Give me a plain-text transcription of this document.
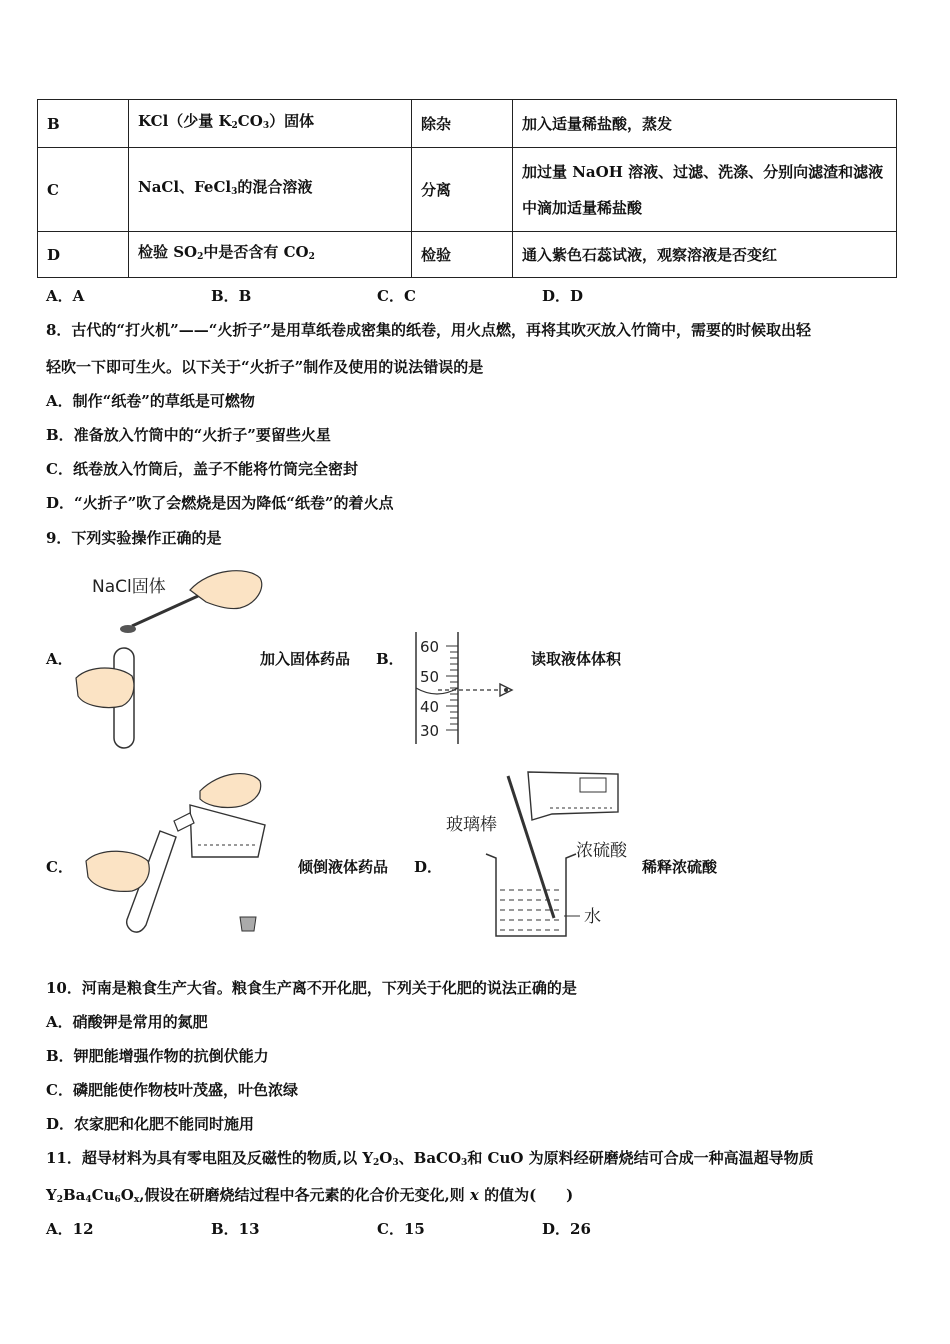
B	KCl（少量 $K_2CO_3$）固体	除杂	加入适量稀盐酸，蒸发
C	NaCl、FeCl$_3$的混合溶液	分离	加过量 NaOH 溶液、过滤、洗涤、分别向滤渣和滤液
中滴加适量稀盐酸

D	检验 $SO_2$中是否含有 $CO_2$	检验	通入紫色石蕊试液，观察溶液是否变红
A．A	B．B	C．C	D．D
8．古代的“打火机”——“火折子”是用草纸卷成密集的纸卷，用火点燃，再将其吹灭放入竹筒中，需要的时候取出轻
轻吹一下即可生火。以下关于“火折子”制作及使用的说法错误的是
A．制作“纸卷”的草纸是可燃物
B．准备放入竹筒中的“火折子”要留些火星
C．纸卷放入竹筒后，盖子不能将竹筒完全密封
D．“火折子”吹了会燃烧是因为降低“纸卷”的着火点
9．下列实验操作正确的是
A．
NaCl固体
加入固体药品 B．
60
50
40
30
读取液体体积
C．	倾倒液体药品 D．
玻璃棒
浓硫酸
水
稀释浓硫酸
10．河南是粮食生产大省。粮食生产离不开化肥，下列关于化肥的说法正确的是
A．硝酸钾是常用的氮肥
B．钾肥能增强作物的抗倒伏能力
C．磷肥能使作物枝叶茂盛，叶色浓绿
D．农家肥和化肥不能同时施用
11．超导材料为具有零电阻及反磁性的物质,以 $Y_2O_3$、BaCO$_3$和 CuO 为原料经研磨烧结可合成一种高温超导物质
$Y_2Ba_4Cu_6O_x$,假设在研磨烧结过程中各元素的化合价无变化,则 x 的值为(　　)
A．12	B．13	C．15	D．26
